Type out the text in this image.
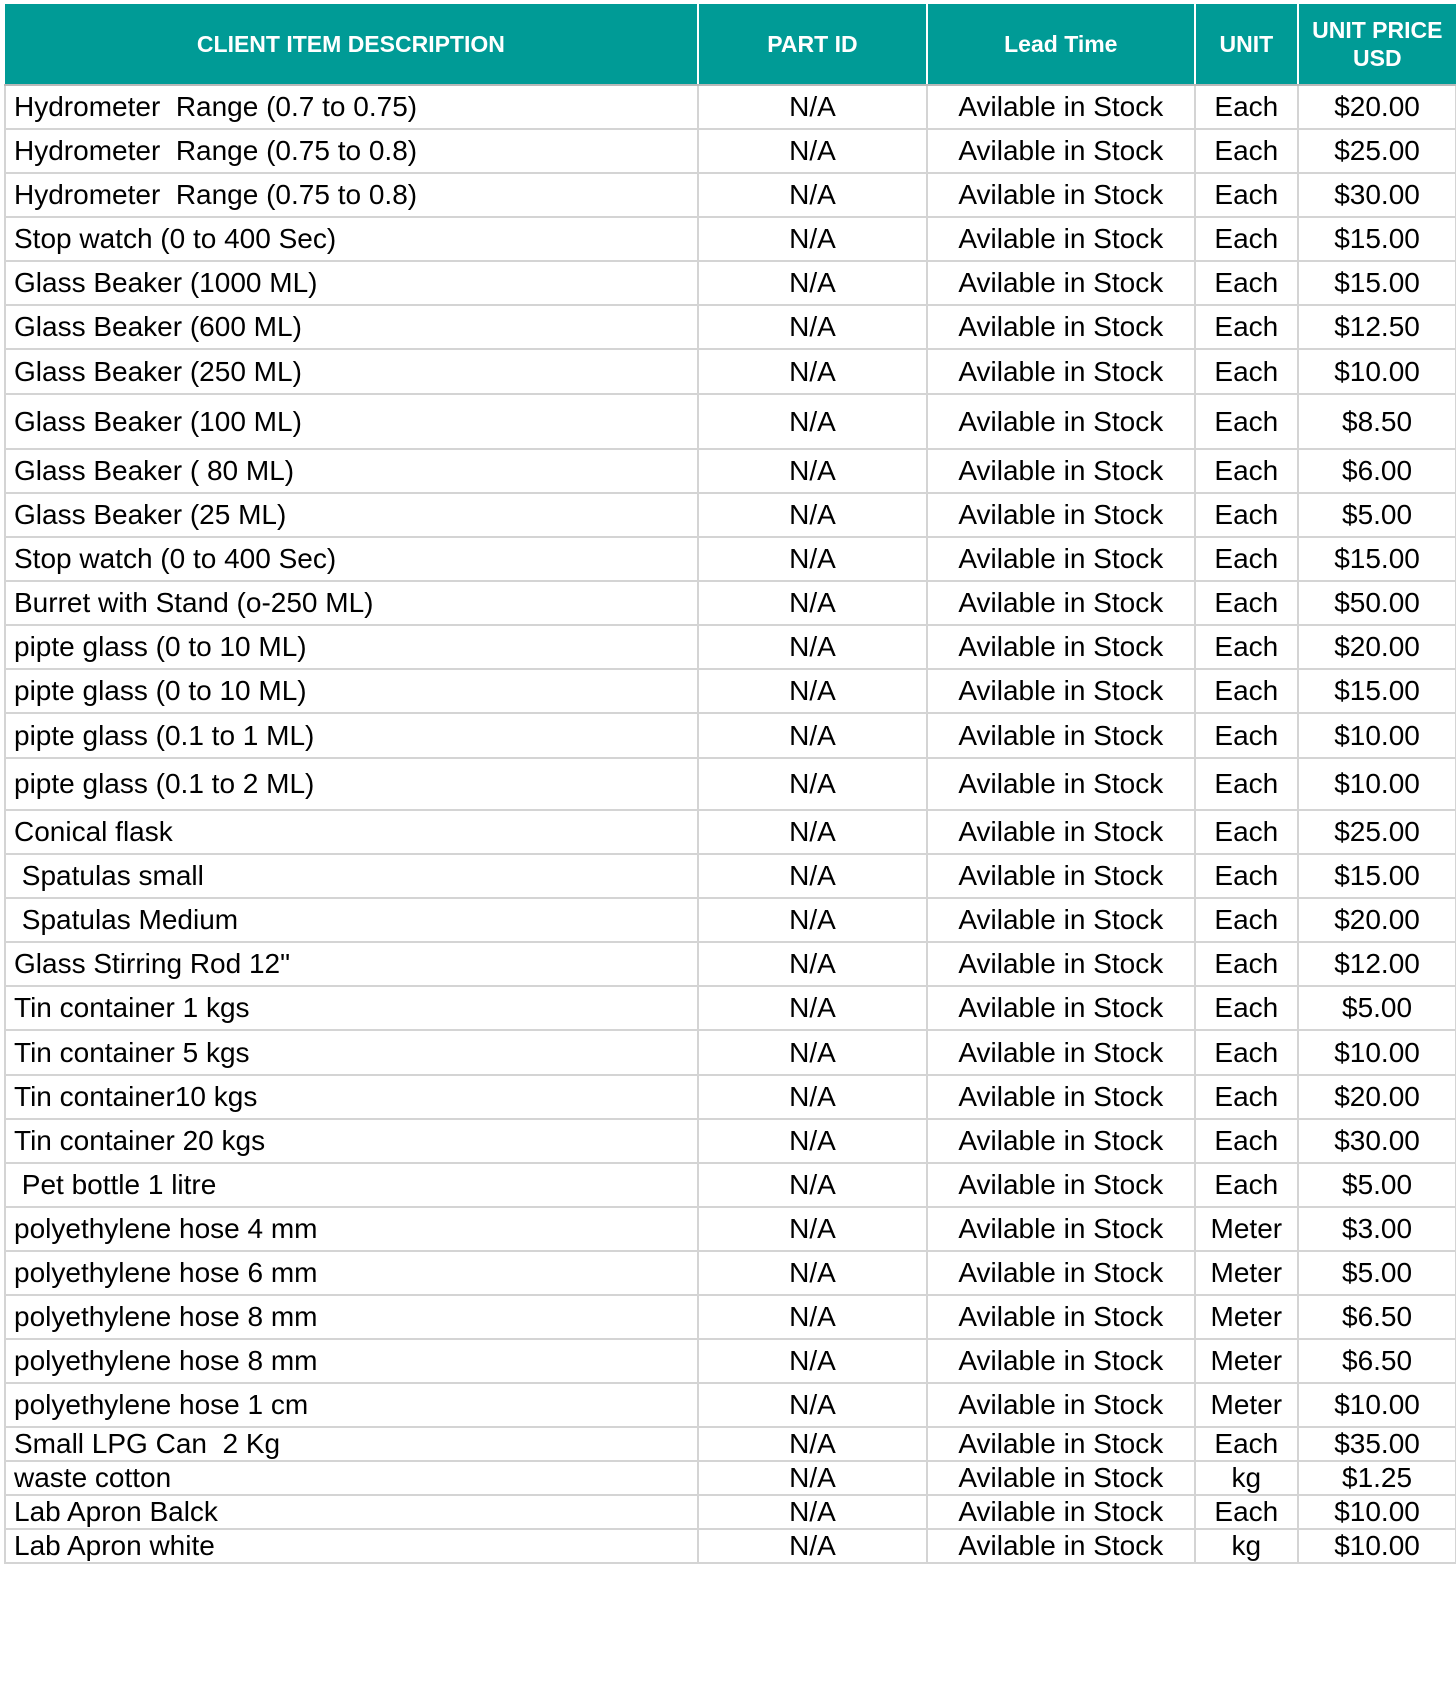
CLIENT ITEM DESCRIPTION	PART ID	Lead Time	UNIT	UNIT PRICE
USD
Hydrometer  Range (0.7 to 0.75)	N/A	Avilable in Stock	Each	$20.00
Hydrometer  Range (0.75 to 0.8)	N/A	Avilable in Stock	Each	$25.00
Hydrometer  Range (0.75 to 0.8)	N/A	Avilable in Stock	Each	$30.00
Stop watch (0 to 400 Sec)	N/A	Avilable in Stock	Each	$15.00
Glass Beaker (1000 ML)	N/A	Avilable in Stock	Each	$15.00
Glass Beaker (600 ML)	N/A	Avilable in Stock	Each	$12.50
Glass Beaker (250 ML)	N/A	Avilable in Stock	Each	$10.00
Glass Beaker (100 ML)	N/A	Avilable in Stock	Each	$8.50
Glass Beaker ( 80 ML)	N/A	Avilable in Stock	Each	$6.00
Glass Beaker (25 ML)	N/A	Avilable in Stock	Each	$5.00
Stop watch (0 to 400 Sec)	N/A	Avilable in Stock	Each	$15.00
Burret with Stand (o-250 ML)	N/A	Avilable in Stock	Each	$50.00
pipte glass (0 to 10 ML)	N/A	Avilable in Stock	Each	$20.00
pipte glass (0 to 10 ML)	N/A	Avilable in Stock	Each	$15.00
pipte glass (0.1 to 1 ML)	N/A	Avilable in Stock	Each	$10.00
pipte glass (0.1 to 2 ML)	N/A	Avilable in Stock	Each	$10.00
Conical flask	N/A	Avilable in Stock	Each	$25.00
Spatulas small	N/A	Avilable in Stock	Each	$15.00
Spatulas Medium	N/A	Avilable in Stock	Each	$20.00
Glass Stirring Rod 12"	N/A	Avilable in Stock	Each	$12.00
Tin container 1 kgs	N/A	Avilable in Stock	Each	$5.00
Tin container 5 kgs	N/A	Avilable in Stock	Each	$10.00
Tin container10 kgs	N/A	Avilable in Stock	Each	$20.00
Tin container 20 kgs	N/A	Avilable in Stock	Each	$30.00
Pet bottle 1 litre	N/A	Avilable in Stock	Each	$5.00
polyethylene hose 4 mm	N/A	Avilable in Stock	Meter	$3.00
polyethylene hose 6 mm	N/A	Avilable in Stock	Meter	$5.00
polyethylene hose 8 mm	N/A	Avilable in Stock	Meter	$6.50
polyethylene hose 8 mm	N/A	Avilable in Stock	Meter	$6.50
polyethylene hose 1 cm	N/A	Avilable in Stock	Meter	$10.00
Small LPG Can  2 Kg	N/A	Avilable in Stock	Each	$35.00
waste cotton	N/A	Avilable in Stock	kg	$1.25
Lab Apron Balck	N/A	Avilable in Stock	Each	$10.00
Lab Apron white	N/A	Avilable in Stock	kg	$10.00
